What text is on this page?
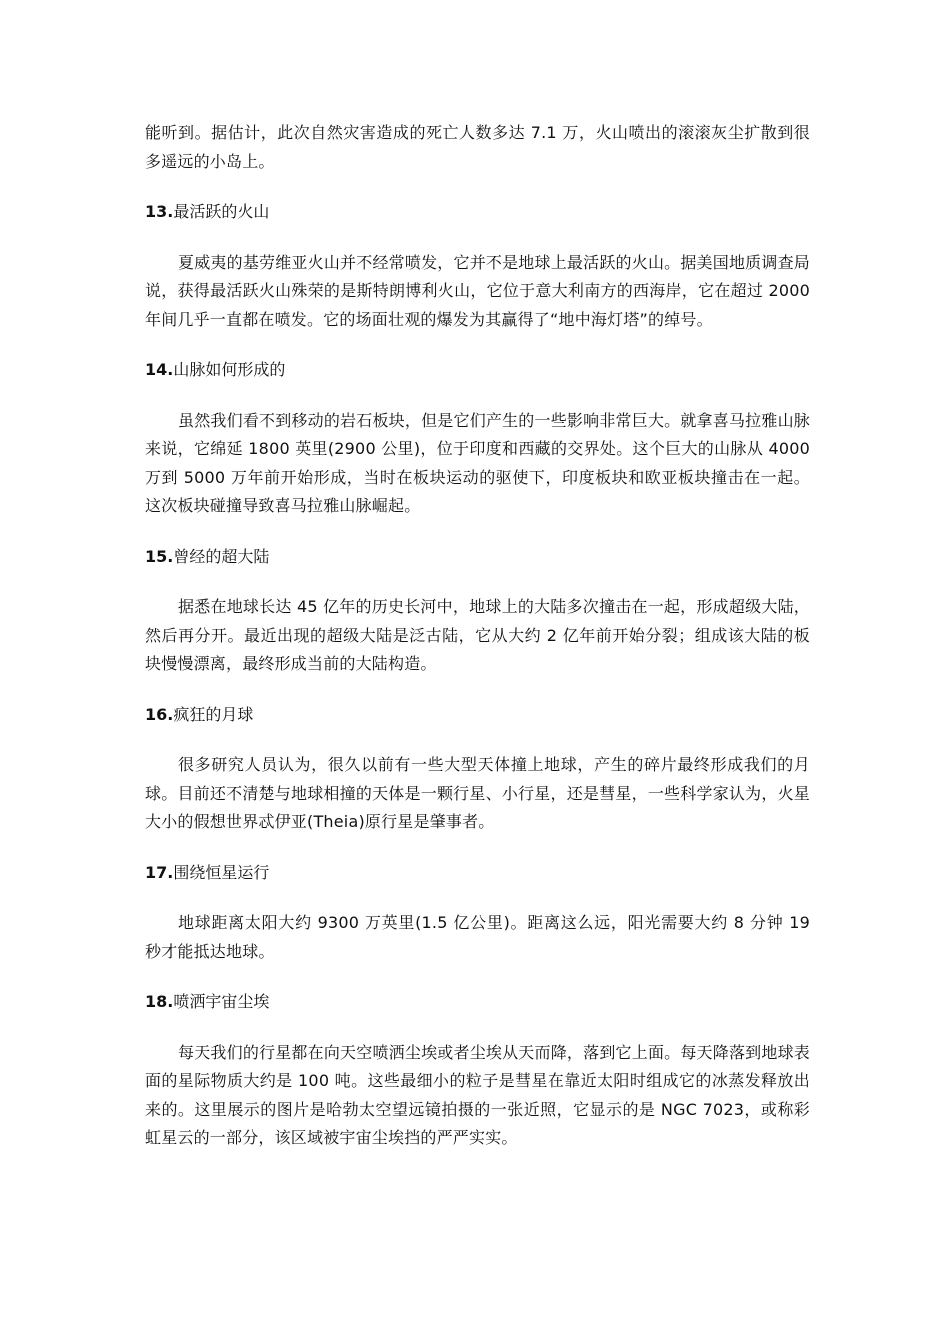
能听到。据估计，此次自然灾害造成的死亡人数多达 7.1 万，火山喷出的滚滚灰尘扩散到很多遥远的小岛上。

13.最活跃的火山

夏威夷的基劳维亚火山并不经常喷发，它并不是地球上最活跃的火山。据美国地质调查局说，获得最活跃火山殊荣的是斯特朗博利火山，它位于意大利南方的西海岸，它在超过 2000 年间几乎一直都在喷发。它的场面壮观的爆发为其赢得了“地中海灯塔”的绰号。

14.山脉如何形成的

虽然我们看不到移动的岩石板块，但是它们产生的一些影响非常巨大。就拿喜马拉雅山脉来说，它绵延 1800 英里(2900 公里)，位于印度和西藏的交界处。这个巨大的山脉从 4000 万到 5000 万年前开始形成，当时在板块运动的驱使下，印度板块和欧亚板块撞击在一起。这次板块碰撞导致喜马拉雅山脉崛起。

15.曾经的超大陆

据悉在地球长达 45 亿年的历史长河中，地球上的大陆多次撞击在一起，形成超级大陆，然后再分开。最近出现的超级大陆是泛古陆，它从大约 2 亿年前开始分裂；组成该大陆的板块慢慢漂离，最终形成当前的大陆构造。

16.疯狂的月球

很多研究人员认为，很久以前有一些大型天体撞上地球，产生的碎片最终形成我们的月球。目前还不清楚与地球相撞的天体是一颗行星、小行星，还是彗星，一些科学家认为，火星大小的假想世界忒伊亚(Theia)原行星是肇事者。

17.围绕恒星运行

地球距离太阳大约 9300 万英里(1.5 亿公里)。距离这么远，阳光需要大约 8 分钟 19 秒才能抵达地球。

18.喷洒宇宙尘埃

每天我们的行星都在向天空喷洒尘埃或者尘埃从天而降，落到它上面。每天降落到地球表面的星际物质大约是 100 吨。这些最细小的粒子是彗星在靠近太阳时组成它的冰蒸发释放出来的。这里展示的图片是哈勃太空望远镜拍摄的一张近照，它显示的是 NGC 7023，或称彩虹星云的一部分，该区域被宇宙尘埃挡的严严实实。
